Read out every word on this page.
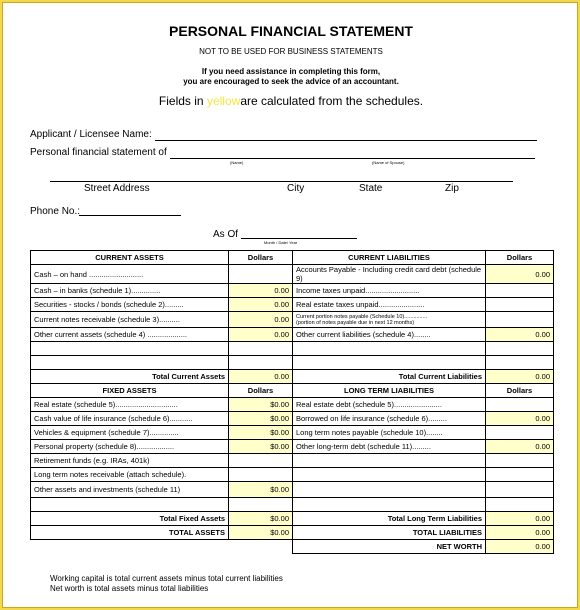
PERSONAL FINANCIAL STATEMENT
NOT TO BE USED FOR BUSINESS STATEMENTS
If you need assistance in completing this form,
you are encouraged to seek the advice of an accountant.
Fields in yelloware calculated from the schedules.
Applicant / Licensee Name:
Personal financial statement of
(Name)	(Name of Spouse)
Street Address	City	State	Zip
Phone No.:
As Of
Month / Date/ Year
CURRENT ASSETS	Dollars	CURRENT LIABILITIES	Dollars
Cash – on hand ..........................		Accounts Payable - Including credit card debt (schedule 9)	0.00
Cash – in banks (schedule 1)..............	0.00	Income taxes unpaid..........................	
Securities - stocks / bonds (schedule 2).........	0.00	Real estate taxes unpaid......................	
Current notes receivable (schedule 3)..........	0.00	Current portion notes payable (Schedule 10)...............
(portion of notes payable due in next 12 months)	
Other current assets (schedule 4) ...................	0.00	Other current liabilities (schedule 4)........	0.00

Total Current Assets	0.00	Total Current Liabilities	0.00
FIXED ASSETS	Dollars	LONG TERM LIABILITIES	Dollars
Real estate (schedule 5)..............................	$0.00	Real estate debt (schedule 5).......................	
Cash value of life insurance (schedule 6)...........	$0.00	Borrowed on life insurance (schedule 6).........	0.00
Vehicles & equipment (schedule 7)..............	$0.00	Long term notes payable (schedule 10)........	
Personal property (schedule 8)..................	$0.00	Other long-term debt (schedule 11).........	0.00
Retirement funds (e.g. IRAs, 401k)			
Long term notes receivable (attach schedule).			
Other assets and investments (schedule 11)	$0.00		

Total Fixed Assets	$0.00	Total Long Term Liabilities	0.00
TOTAL ASSETS	$0.00	TOTAL LIABILITIES	0.00
		NET WORTH	0.00
Working capital is total current assets minus total current liabilities
Net worth is total assets minus total liabilities
